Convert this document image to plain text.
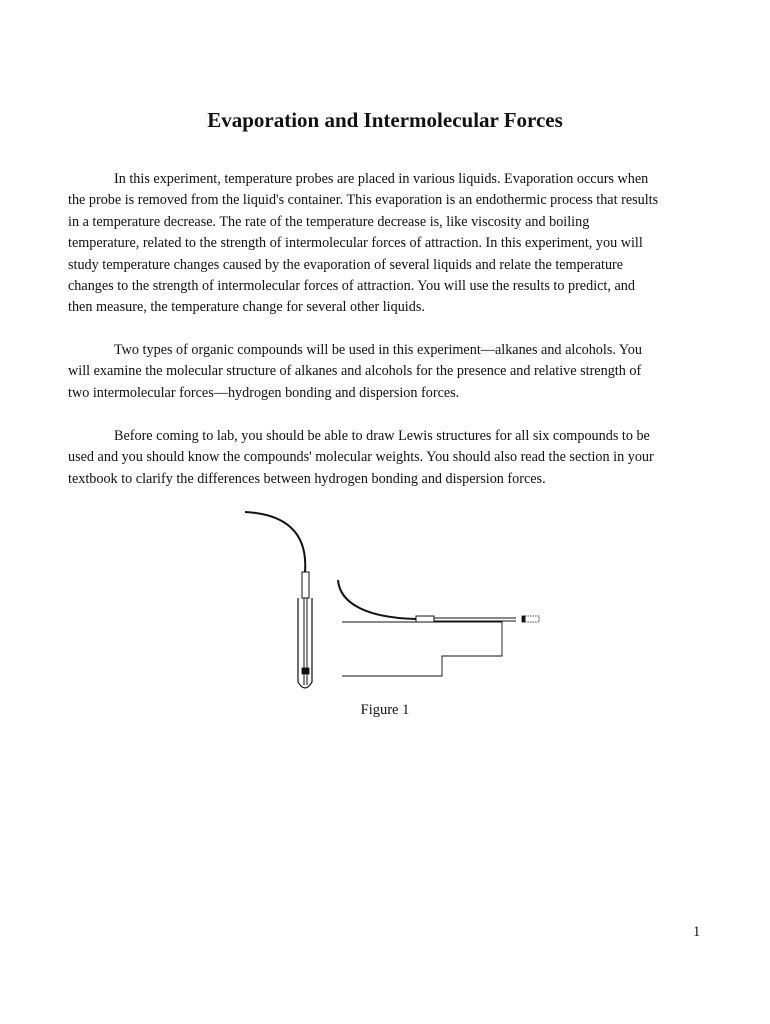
Evaporation and Intermolecular Forces

In this experiment, temperature probes are placed in various liquids. Evaporation occurs when
the probe is removed from the liquid's container. This evaporation is an endothermic process that results
in a temperature decrease. The rate of the temperature decrease is, like viscosity and boiling
temperature, related to the strength of intermolecular forces of attraction. In this experiment, you will
study temperature changes caused by the evaporation of several liquids and relate the temperature
changes to the strength of intermolecular forces of attraction. You will use the results to predict, and
then measure, the temperature change for several other liquids.

Two types of organic compounds will be used in this experiment—alkanes and alcohols. You
will examine the molecular structure of alkanes and alcohols for the presence and relative strength of
two intermolecular forces—hydrogen bonding and dispersion forces.

Before coming to lab, you should be able to draw Lewis structures for all six compounds to be
used and you should know the compounds' molecular weights. You should also read the section in your
textbook to clarify the differences between hydrogen bonding and dispersion forces.

Figure 1
1
